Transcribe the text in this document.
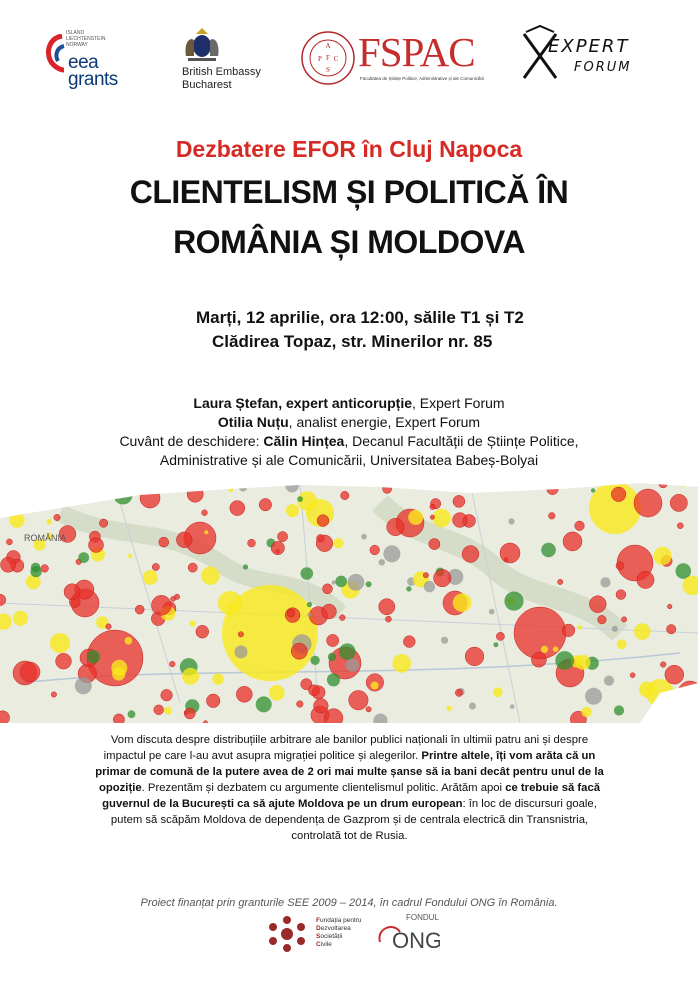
ISLAND LIECHTENSTEIN NORWAY
eea
grants	British Embassy
Bucharest
A
P C
F
S FSPAC
Facultatea de Științe Politice, Administrative și ale Comunicării
EXPERT
FORUM
Dezbatere EFOR în Cluj Napoca
CLIENTELISM ȘI POLITICĂ ÎN
ROMÂNIA ȘI MOLDOVA
Marți, 12 aprilie, ora 12:00, sălile T1 și T2
Clădirea Topaz, str. Minerilor nr. 85
Laura Ștefan, expert anticorupție, Expert Forum
Otilia Nuțu, analist energie, Expert Forum
Cuvânt de deschidere: Călin Hințea, Decanul Facultății de Științe Politice,
Administrative și ale Comunicării, Universitatea Babeș-Bolyai
ROMÂNIA
Vom discuta despre distribuțiile arbitrare ale banilor publici naționali în ultimii patru ani și despre impactul pe care l-au avut asupra migrației politice și alegerilor. Printre altele, îți vom arăta că un primar de comună de la putere avea de 2 ori mai multe șanse să ia bani decât pentru unul de la opoziție. Prezentăm și dezbatem cu argumente clientelismul politic. Arătăm apoi ce trebuie să facă guvernul de la București ca să ajute Moldova pe un drum european: în loc de discursuri goale, putem să scăpăm Moldova de dependența de Gazprom și de centrala electrică din Transnistria, controlată tot de Rusia.
Proiect finanțat prin granturile SEE 2009 – 2014, în cadrul Fondului ONG în România.
Fundația pentru
Dezvoltarea
Societății
Civile
FONDUL
ONG
